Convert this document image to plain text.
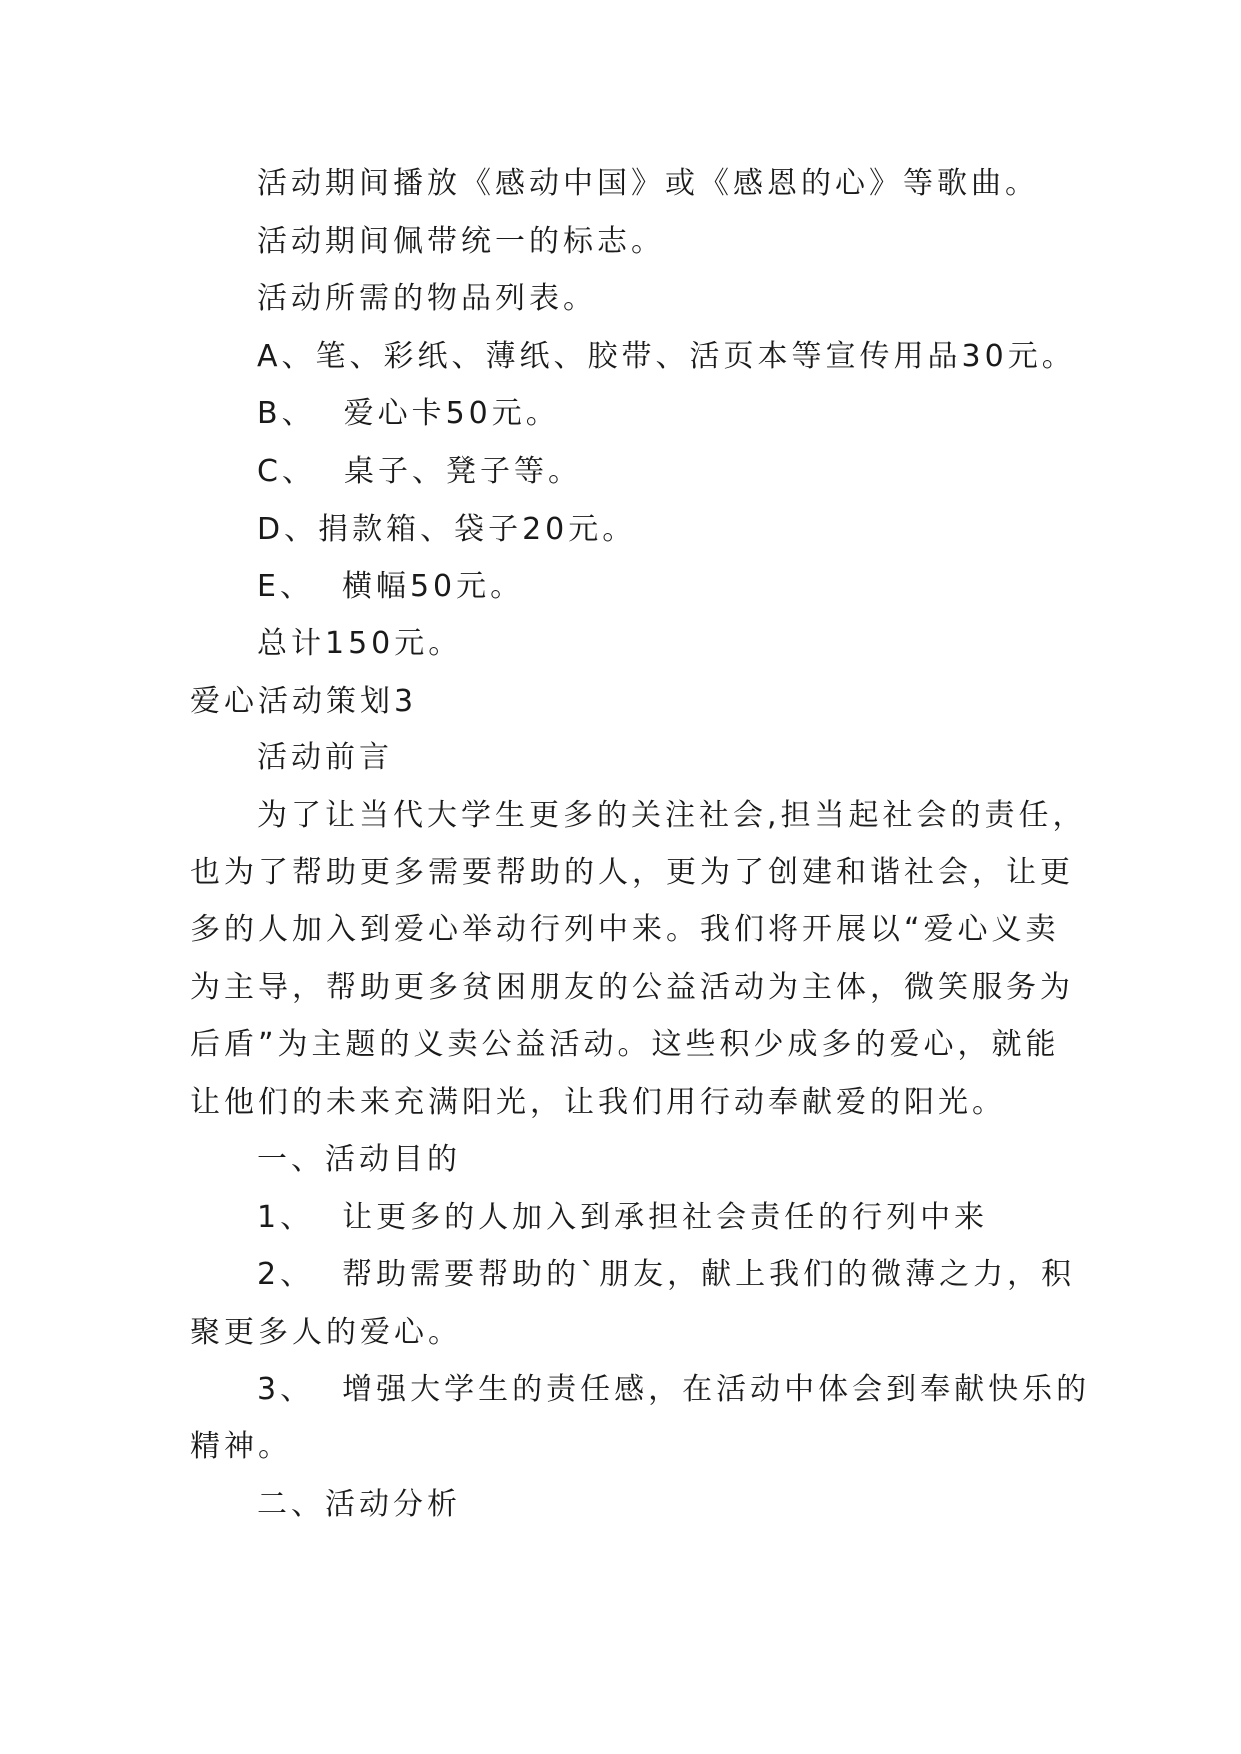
活动期间播放《感动中国》或《感恩的心》等歌曲。
活动期间佩带统一的标志。
活动所需的物品列表。
A、笔、彩纸、薄纸、胶带、活页本等宣传用品30元。
B、 爱心卡50元。
C、 桌子、凳子等。
D、捐款箱、袋子20元。
E、 横幅50元。
总计150元。
爱心活动策划3
活动前言
为了让当代大学生更多的关注社会,担当起社会的责任，
也为了帮助更多需要帮助的人，更为了创建和谐社会，让更
多的人加入到爱心举动行列中来。我们将开展以“爱心义卖
为主导，帮助更多贫困朋友的公益活动为主体，微笑服务为
后盾”为主题的义卖公益活动。这些积少成多的爱心，就能
让他们的未来充满阳光，让我们用行动奉献爱的阳光。
一、活动目的
1、 让更多的人加入到承担社会责任的行列中来
2、 帮助需要帮助的`朋友，献上我们的微薄之力，积
聚更多人的爱心。
3、 增强大学生的责任感，在活动中体会到奉献快乐的
精神。
二、活动分析
